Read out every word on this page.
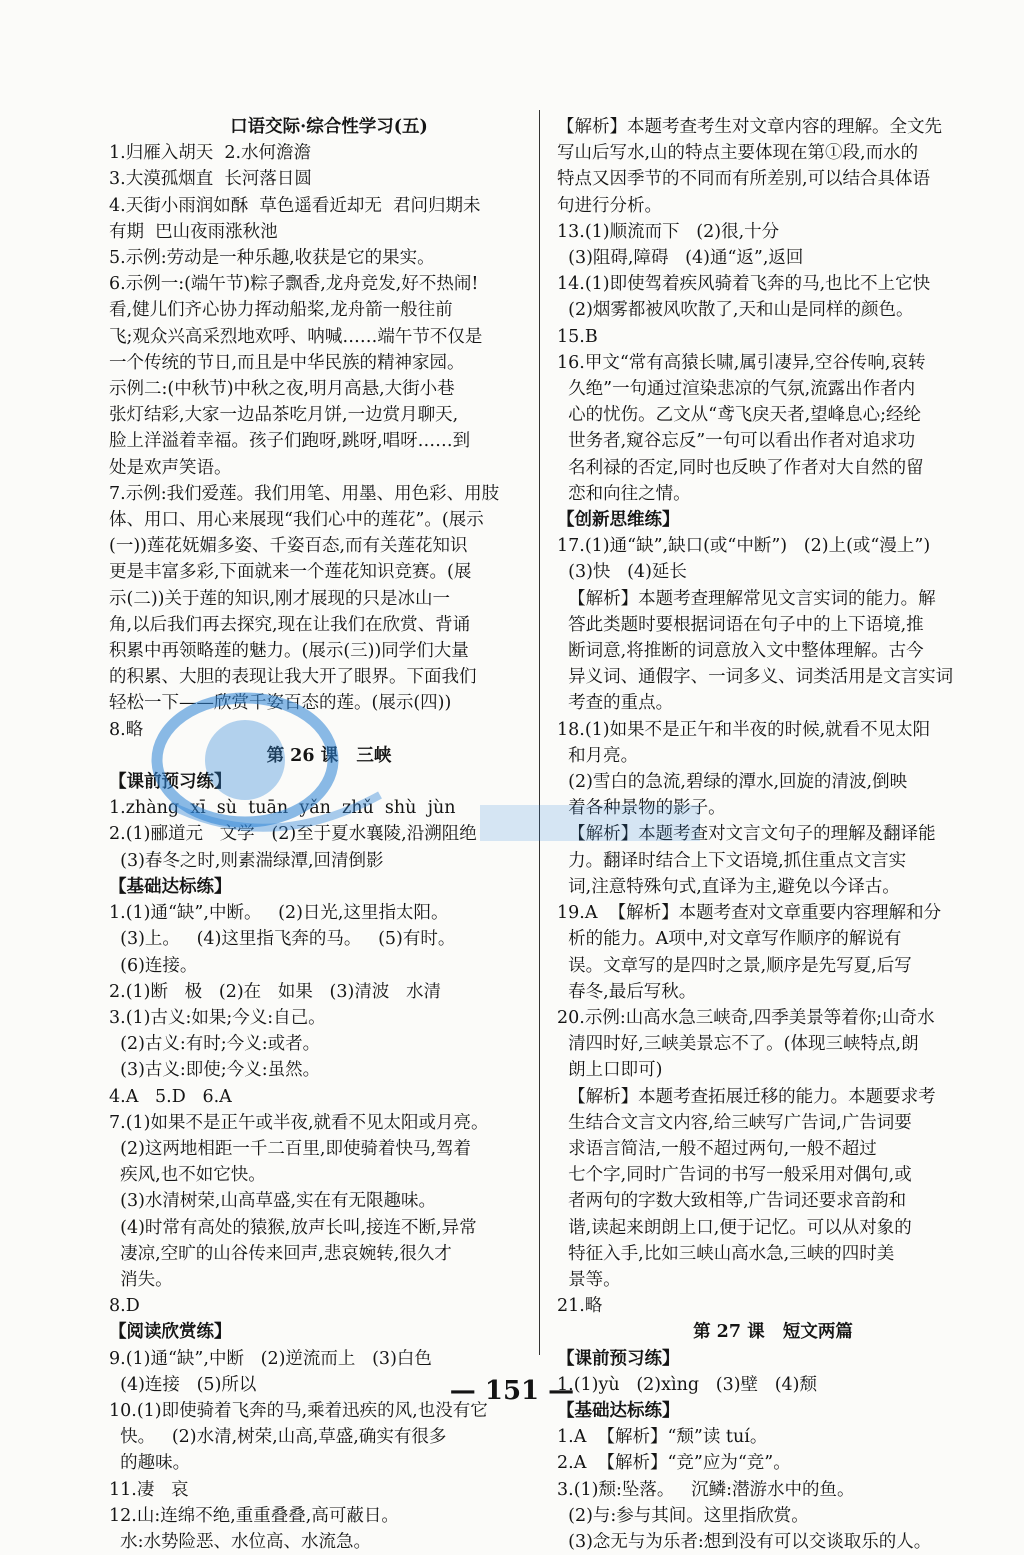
口语交际·综合性学习(五)
1.归雁入胡天  2.水何澹澹
3.大漠孤烟直  长河落日圆
4.天街小雨润如酥  草色遥看近却无  君问归期未
有期  巴山夜雨涨秋池
5.示例:劳动是一种乐趣,收获是它的果实。
6.示例一:(端午节)粽子飘香,龙舟竞发,好不热闹!
看,健儿们齐心协力挥动船桨,龙舟箭一般往前
飞;观众兴高采烈地欢呼、呐喊……端午节不仅是
一个传统的节日,而且是中华民族的精神家园。
示例二:(中秋节)中秋之夜,明月高悬,大街小巷
张灯结彩,大家一边品茶吃月饼,一边赏月聊天,
脸上洋溢着幸福。孩子们跑呀,跳呀,唱呀……到
处是欢声笑语。
7.示例:我们爱莲。我们用笔、用墨、用色彩、用肢
体、用口、用心来展现“我们心中的莲花”。(展示
(一))莲花妩媚多姿、千姿百态,而有关莲花知识
更是丰富多彩,下面就来一个莲花知识竞赛。(展
示(二))关于莲的知识,刚才展现的只是冰山一
角,以后我们再去探究,现在让我们在欣赏、背诵
积累中再领略莲的魅力。(展示(三))同学们大量
的积累、大胆的表现让我大开了眼界。下面我们
轻松一下——欣赏千姿百态的莲。(展示(四))
8.略
第 26 课   三峡
【课前预习练】
1.zhàng  xī  sù  tuān  yǎn  zhǔ  shù  jùn
2.(1)郦道元   文学   (2)至于夏水襄陵,沿溯阻绝
(3)春冬之时,则素湍绿潭,回清倒影
【基础达标练】
1.(1)通“缺”,中断。   (2)日光,这里指太阳。
(3)上。   (4)这里指飞奔的马。   (5)有时。
(6)连接。
2.(1)断   极   (2)在   如果   (3)清波   水清
3.(1)古义:如果;今义:自己。
(2)古义:有时;今义:或者。
(3)古义:即使;今义:虽然。
4.A   5.D   6.A
7.(1)如果不是正午或半夜,就看不见太阳或月亮。
(2)这两地相距一千二百里,即使骑着快马,驾着
疾风,也不如它快。
(3)水清树荣,山高草盛,实在有无限趣味。
(4)时常有高处的猿猴,放声长叫,接连不断,异常
凄凉,空旷的山谷传来回声,悲哀婉转,很久才
消失。
8.D
【阅读欣赏练】
9.(1)通“缺”,中断   (2)逆流而上   (3)白色
(4)连接   (5)所以
10.(1)即使骑着飞奔的马,乘着迅疾的风,也没有它
快。   (2)水清,树荣,山高,草盛,确实有很多
的趣味。
11.凄   哀
12.山:连绵不绝,重重叠叠,高可蔽日。
水:水势险恶、水位高、水流急。
【解析】本题考查考生对文章内容的理解。全文先
写山后写水,山的特点主要体现在第①段,而水的
特点又因季节的不同而有所差别,可以结合具体语
句进行分析。
13.(1)顺流而下   (2)很,十分
(3)阻碍,障碍   (4)通“返”,返回
14.(1)即使驾着疾风骑着飞奔的马,也比不上它快
(2)烟雾都被风吹散了,天和山是同样的颜色。
15.B
16.甲文“常有高猿长啸,属引凄异,空谷传响,哀转
久绝”一句通过渲染悲凉的气氛,流露出作者内
心的忧伤。乙文从“鸢飞戾天者,望峰息心;经纶
世务者,窥谷忘反”一句可以看出作者对追求功
名利禄的否定,同时也反映了作者对大自然的留
恋和向往之情。
【创新思维练】
17.(1)通“缺”,缺口(或“中断”)   (2)上(或“漫上”)
(3)快   (4)延长
【解析】本题考查理解常见文言实词的能力。解
答此类题时要根据词语在句子中的上下语境,推
断词意,将推断的词意放入文中整体理解。古今
异义词、通假字、一词多义、词类活用是文言实词
考查的重点。
18.(1)如果不是正午和半夜的时候,就看不见太阳
和月亮。
(2)雪白的急流,碧绿的潭水,回旋的清波,倒映
着各种景物的影子。
【解析】本题考查对文言文句子的理解及翻译能
力。翻译时结合上下文语境,抓住重点文言实
词,注意特殊句式,直译为主,避免以今译古。
19.A  【解析】本题考查对文章重要内容理解和分
析的能力。A项中,对文章写作顺序的解说有
误。文章写的是四时之景,顺序是先写夏,后写
春冬,最后写秋。
20.示例:山高水急三峡奇,四季美景等着你;山奇水
清四时好,三峡美景忘不了。(体现三峡特点,朗
朗上口即可)
【解析】本题考查拓展迁移的能力。本题要求考
生结合文言文内容,给三峡写广告词,广告词要
求语言简洁,一般不超过两句,一般不超过
七个字,同时广告词的书写一般采用对偶句,或
者两句的字数大致相等,广告词还要求音韵和
谐,读起来朗朗上口,便于记忆。可以从对象的
特征入手,比如三峡山高水急,三峡的四时美
景等。
21.略
第 27 课   短文两篇
【课前预习练】
1.(1)yù   (2)xìng   (3)壁   (4)颓
【基础达标练】
1.A  【解析】“颓”读 tuí。
2.A  【解析】“竞”应为“竞”。
3.(1)颓:坠落。   沉鳞:潜游水中的鱼。
(2)与:参与其间。这里指欣赏。
(3)念无与为乐者:想到没有可以交谈取乐的人。
— 151 —
